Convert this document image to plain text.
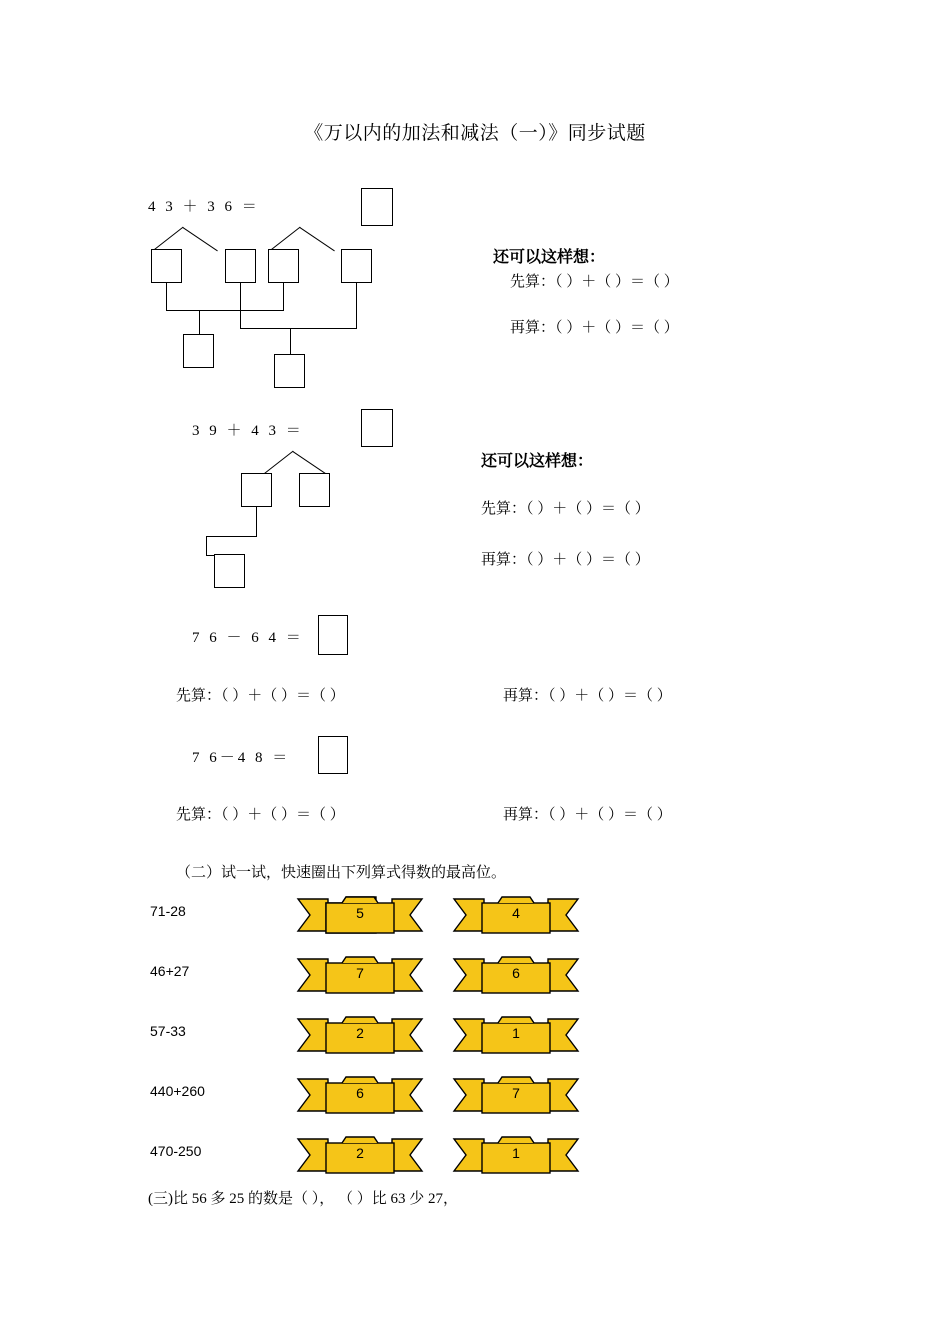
《万以内的加法和减法（一）》同步试题
4 3 ＋ 3 6 ＝
还可以这样想：
先算：（ ）＋（ ）＝（ ）
再算：（ ）＋（ ）＝（ ）
3 9 ＋ 4 3 ＝
还可以这样想：
先算：（ ）＋（ ）＝（ ）
再算：（ ）＋（ ）＝（ ）
7 6 － 6 4 ＝
先算：（ ）＋（ ）＝（ ）	再算：（ ）＋（ ）＝（ ）
7 6－4 8 ＝
先算：（ ）＋（ ）＝（ ）	再算：（ ）＋（ ）＝（ ）
（二）试一试，快速圈出下列算式得数的最高位。
71-28	5	4
46+27	7	6
57-33	2	1
440+260	6	7
470-250	2	1
(三)比 56 多 25 的数是（ ）， （ ）比 63 少 27，
